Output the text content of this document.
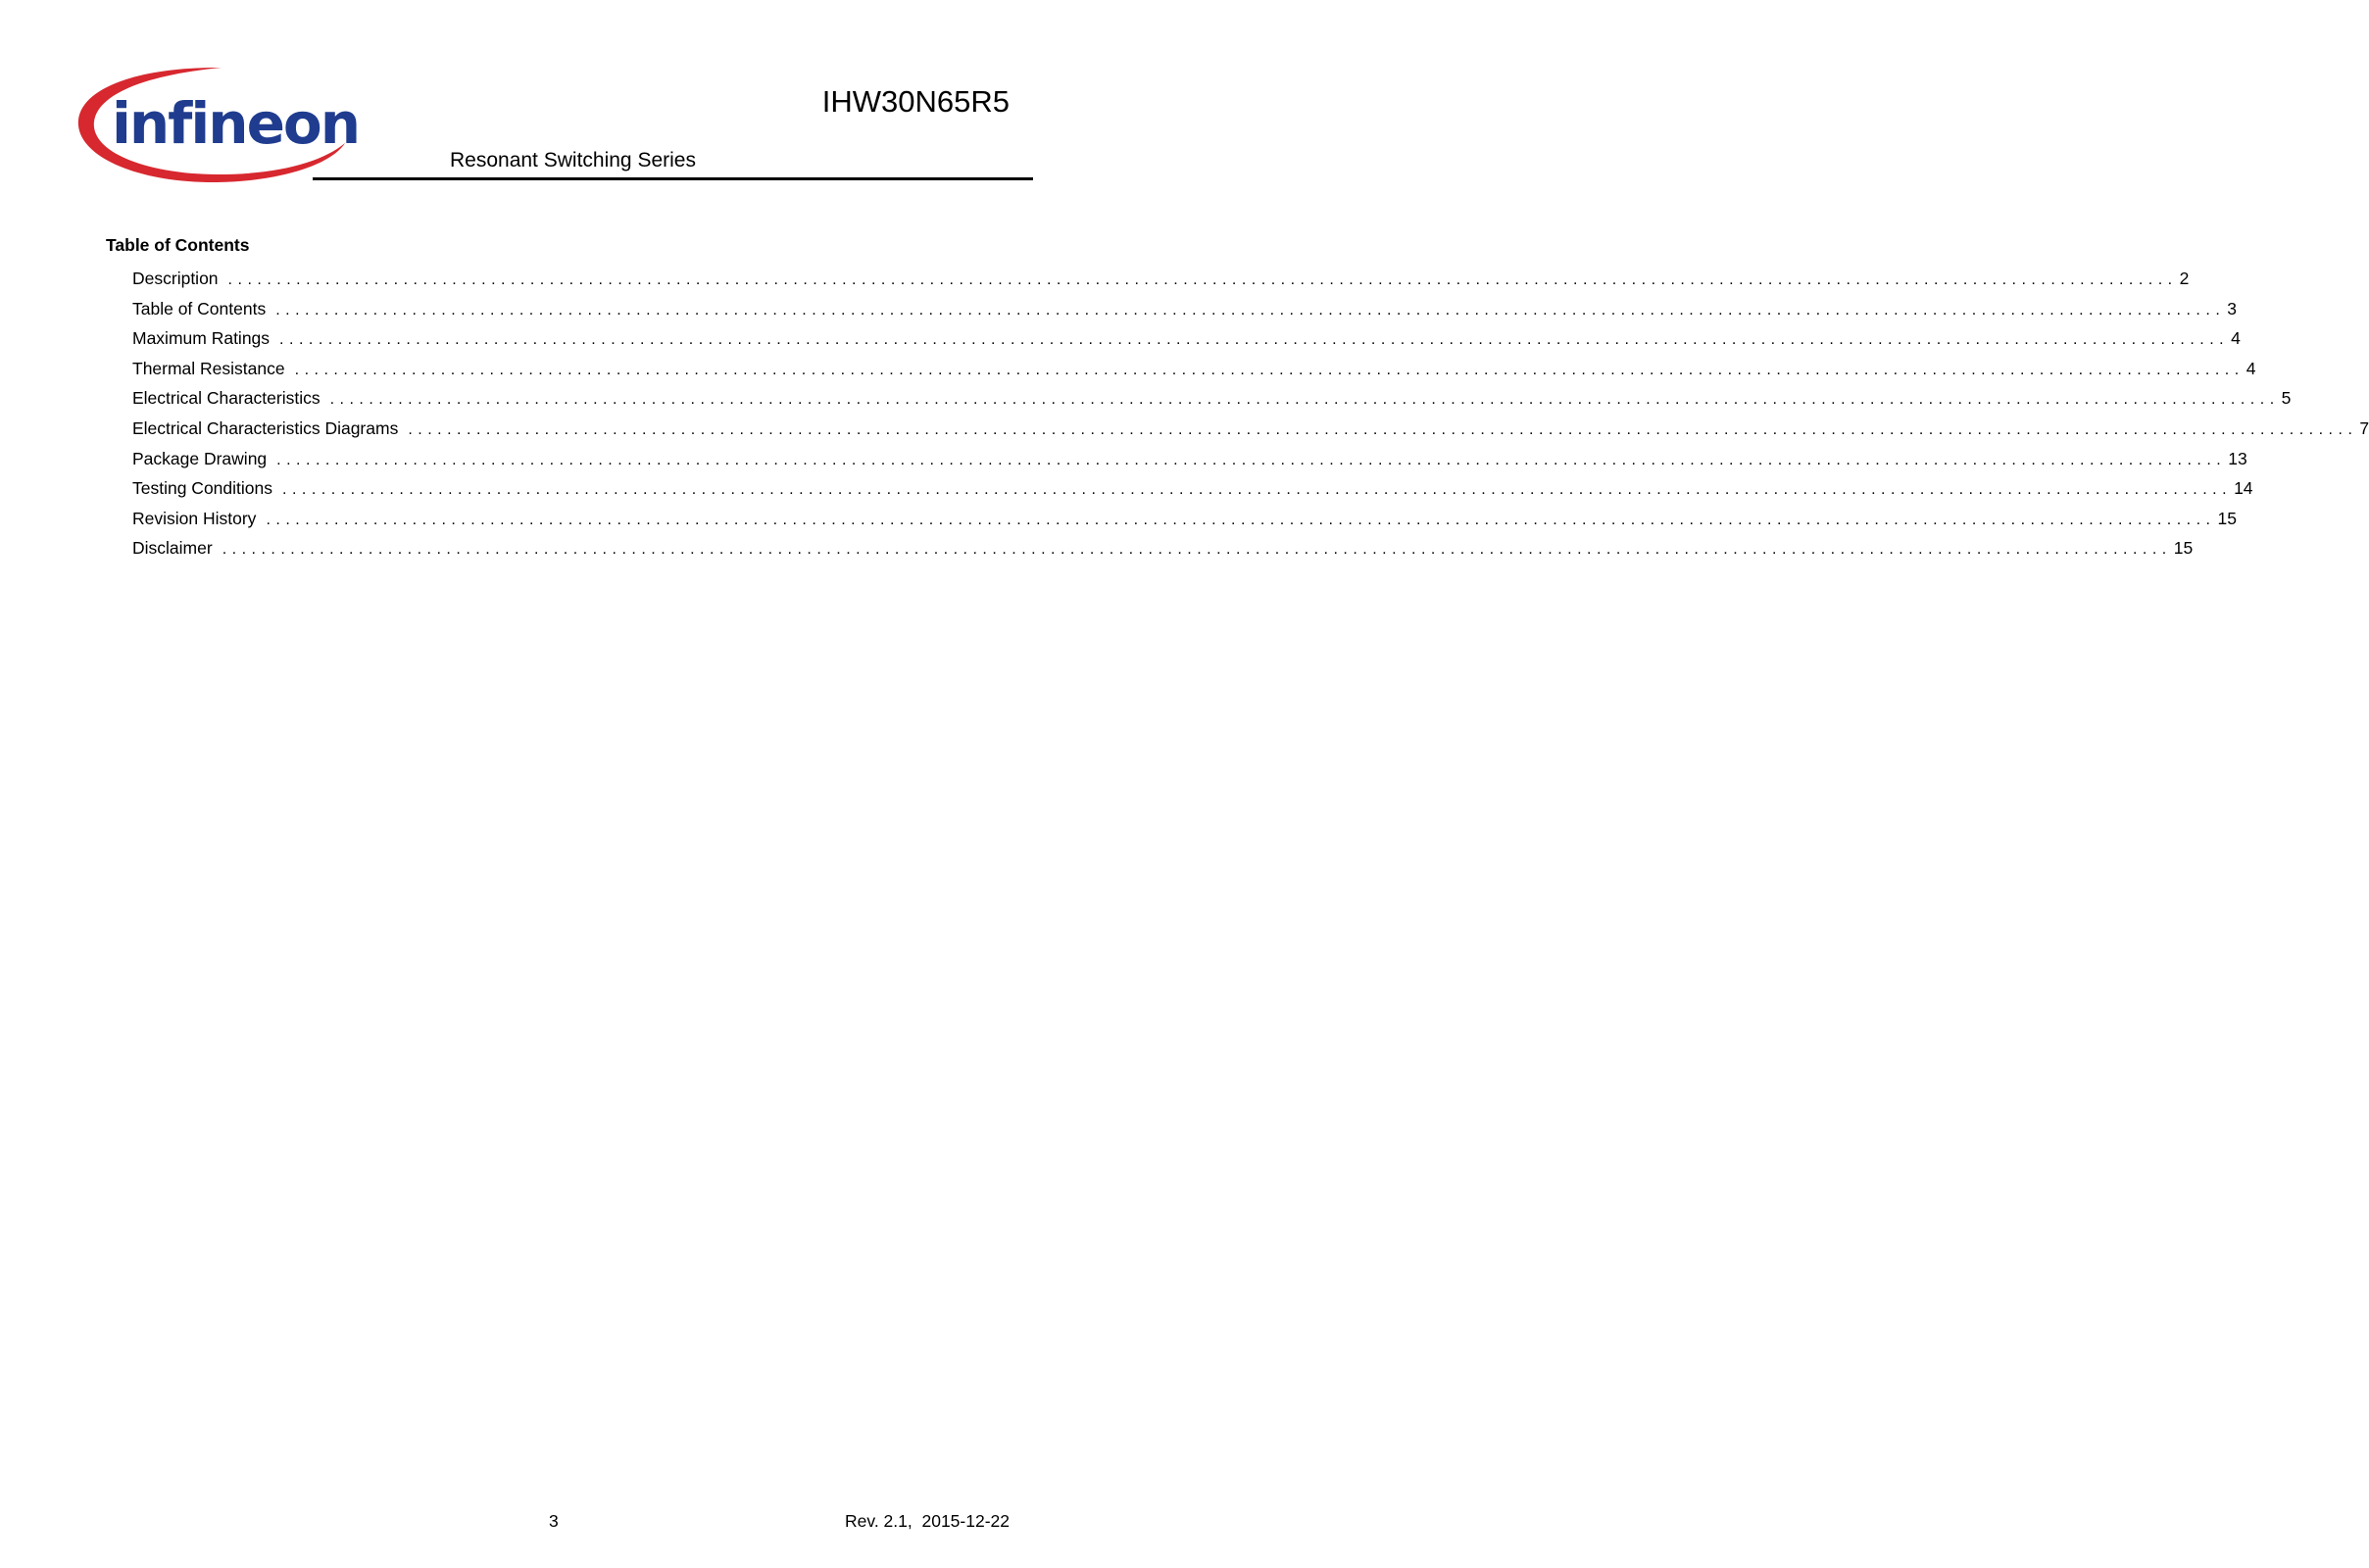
infineon	IHW30N65R5
Resonant Switching Series
Table of Contents
Description ........................................................................................................................................................................................................ 2
Table of Contents ........................................................................................................................................................................................................ 3
Maximum Ratings ........................................................................................................................................................................................................ 4
Thermal Resistance ........................................................................................................................................................................................................ 4
Electrical Characteristics ........................................................................................................................................................................................................ 5
Electrical Characteristics Diagrams ........................................................................................................................................................................................................ 7
Package Drawing ........................................................................................................................................................................................................ 13
Testing Conditions ........................................................................................................................................................................................................ 14
Revision History ........................................................................................................................................................................................................ 15
Disclaimer ........................................................................................................................................................................................................ 15
3	Rev. 2.1,  2015-12-22
